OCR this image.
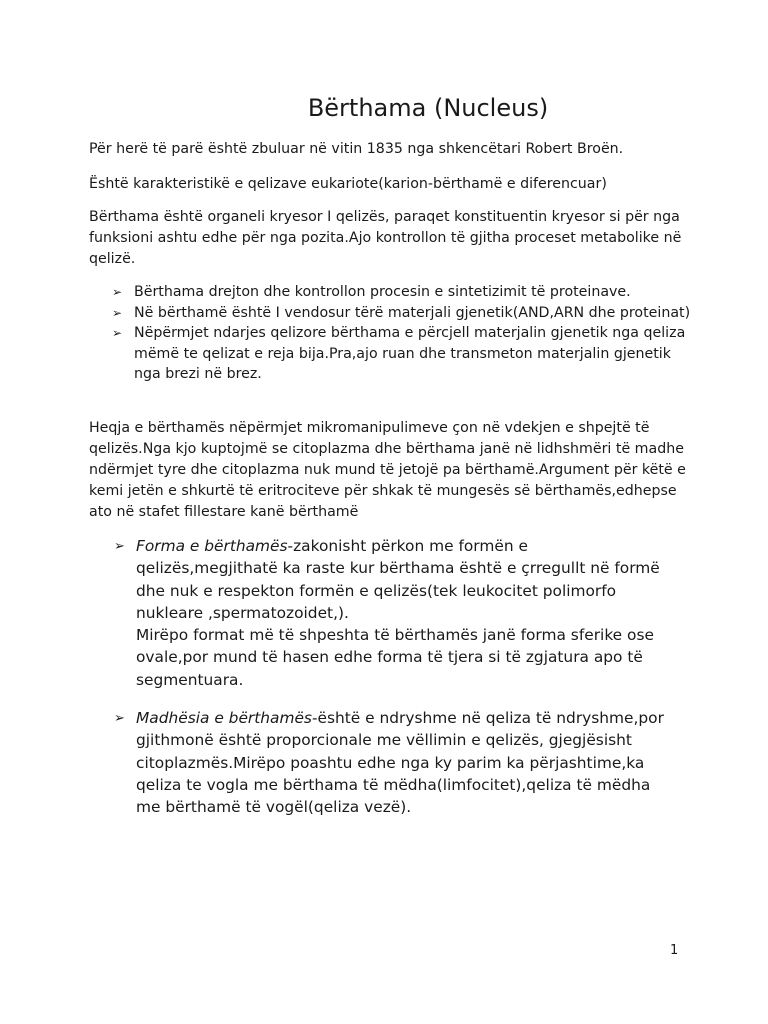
Bërthama (Nucleus)

Për herë të parë është zbuluar në vitin 1835 nga shkencëtari Robert Broën.

Është karakteristikë e qelizave eukariote(karion-bërthamë e diferencuar)

Bërthama është organeli kryesor I qelizës, paraqet konstituentin kryesor si për nga funksioni ashtu edhe për nga pozita.Ajo kontrollon të gjitha proceset metabolike në qelizë.

➢ Bërthama drejton dhe kontrollon procesin e sintetizimit të proteinave.
➢ Në bërthamë është I vendosur tërë materjali gjenetik(AND,ARN dhe proteinat)
➢ Nëpërmjet ndarjes qelizore bërthama e përcjell materjalin gjenetik nga qeliza mëmë te qelizat e reja bija.Pra,ajo ruan dhe transmeton materjalin gjenetik nga brezi në brez.

Heqja e bërthamës nëpërmjet mikromanipulimeve çon në vdekjen e shpejtë të qelizës.Nga kjo kuptojmë se citoplazma dhe bërthama janë në lidhshmëri të madhe ndërmjet tyre dhe citoplazma nuk mund të jetojë pa bërthamë.Argument për këtë e kemi jetën e shkurtë të eritrociteve për shkak të mungesës së bërthamës,edhepse ato në stafet fillestare kanë bërthamë

➢ Forma e bërthamës-zakonisht përkon me formën e qelizës,megjithatë ka raste kur bërthama është e çrregullt në formë dhe nuk e respekton formën e qelizës(tek leukocitet polimorfo nukleare ,spermatozoidet,).
Mirëpo format më të shpeshta të bërthamës janë forma sferike ose ovale,por mund të hasen edhe forma të tjera si të zgjatura apo të segmentuara.
➢ Madhësia e bërthamës-është e ndryshme në qeliza të ndryshme,por gjithmonë është proporcionale me vëllimin e qelizës, gjegjësisht citoplazmës.Mirëpo poashtu edhe nga ky parim ka përjashtime,ka qeliza te vogla me bërthama të mëdha(limfocitet),qeliza të mëdha me bërthamë të vogël(qeliza vezë).
1
